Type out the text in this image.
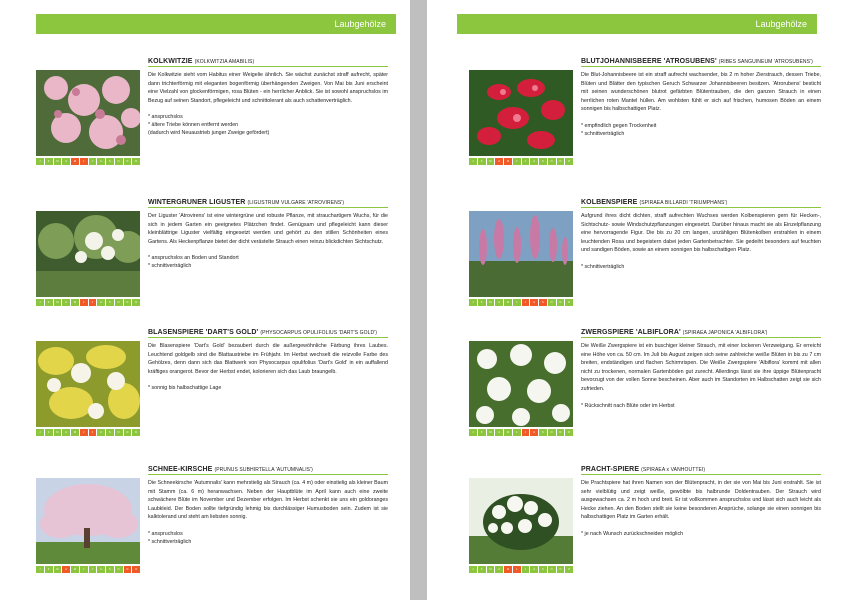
Laubgehölze
J	F	M	A	M	J	J	A	S	O	N	D
KOLKWITZIE (KOLKWITZIA AMABILIS)
Die Kolkwitzie sieht vom Habitus einer Weigelie ähnlich. Sie wächst zunächst straff aufrecht, später dann trichterförmig mit eleganten bogenförmig überhängenden Zweigen. Von Mai bis Juni erscheint eine Vielzahl von glockenförmigen, rosa Blüten - ein herrlicher Anblick. Sie ist sowohl anspruchslos im Bezug auf seinen Standort, pflegeleicht und schnittolerant als auch schattenverträglich.
* anspruchslos
* ältere Triebe können entfernt werden
(dadurch wird Neuaustrieb junger Zweige gefördert)
J	F	M	A	M	J	J	A	S	O	N	D
WINTERGRÜNER LIGUSTER (LIGUSTRUM VULGARE 'ATROVIRENS')
Der Liguster 'Atrovirens' ist eine wintergrüne und robuste Pflanze, mit strauchartigem Wuchs, für die sich in jedem Garten ein geeignetes Plätzchen findet. Genügsam und pflegeleicht kann dieser kleinblättrige Liguster vielfältig eingesetzt werden und gehört zu den stillen Schönheiten eines Gartens. Als Heckenpflanze bietet der dicht verästelte Strauch einen reinzu blickdichten Sichtschutz.
* anspruchslos an Boden und Standort
* schnittverträglich
J	F	M	A	M	J	J	A	S	O	N	D
BLASENSPIERE 'DART'S GOLD' (PHYSOCARPUS OPULIFOLIUS 'DART'S GOLD')
Die Blasenspiere 'Dart's Gold' bezaubert durch die außergewöhnliche Färbung ihres Laubes. Leuchtend goldgelb sind die Blattaustriebe im Frühjahr. Im Herbst wechselt die reizvolle Farbe des Gehölzes, denn dann sich das Blattwerk von Physocarpus opulifolius 'Dart's Gold' in ein auffallend kräftiges orangerot. Bevor der Herbst endet, kolorieren sich das Laub braungelb.
* sonnig bis halbschattige Lage
J	F	M	A	M	J	J	A	S	O	N	D
SCHNEE-KIRSCHE (PRUNUS SUBHIRTELLA 'AUTUMNALIS')
Die Schneekirsche 'Autumnalis' kann mehrstielig als Strauch (ca. 4 m) oder einstielig als kleiner Baum mit Stamm (ca. 6 m) heranwachsen. Neben der Hauptblüte im April kann auch eine zweite schwächere Blüte im November und Dezember erfolgen. Im Herbst schenkt sie uns ein goldoranges Laubkleid. Der Boden sollte tiefgründig lehmig bis durchlässiger Humusboden sein. Zudem ist sie kalktolerand und steht am liebsten sonnig.
* anspruchslos
* schnittverträglich
Laubgehölze
J	F	M	A	M	J	J	A	S	O	N	D
BLUTJOHANNISBEERE 'ATROSUBENS' (RIBES SANGUINEUM 'ATROSUBENS')
Die Blut-Johannisbeere ist ein straff aufrecht wachsender, bis 2 m hoher Zierstrauch, dessen Triebe, Blüten und Blätter den typischen Geruch Schwarzer Johannisbeeren besitzen. 'Atrorubens' besticht mit seinen wunderschönen blutrot gefärbten Blütentrauben, die den ganzen Strauch in einen herrlichen roten Mantel hüllen. Am wohlsten fühlt er sich auf frischen, humosen Böden an einem sonnigen bis halbschattigen Platz.
* empfindlich gegen Trockenheit
* schnittverträglich
J	F	M	A	M	J	J	A	S	O	N	D
KOLBENSPIERE (SPIRAEA BILLARDI 'TRIUMPHANS')
Aufgrund ihres dicht dichten, straff aufrechten Wuchses werden Kolbenspieren gern für Hecken-, Sichtschutz- sowie Windschutzpflanzungen eingesetzt. Darüber hinaus macht sie als Einzelpflanzung eine hervorragende Figur. Die bis zu 20 cm langen, unzähligen Blütenkolben erstrahlen in einem leuchtenden Rosa und begeistern dabei jeden Gartenbetrachter. Sie gedeiht besonders auf feuchten und sandigen Böden, sowie an einem sonnigen bis halbschattigen Platz.
* schnittverträglich
J	F	M	A	M	J	J	A	S	O	N	D
ZWERGSPIERE 'ALBIFLORA' (SPIRAEA JAPONICA 'ALBIFLORA')
Die Weiße Zwergspiere ist ein buschiger kleiner Strauch, mit einer lockeren Verzweigung. Er erreicht eine Höhe von ca. 50 cm. Im Juli bis August zeigen sich seine zahlreiche weiße Blüten in bis zu 7 cm breiten, endständigen und flachen Schirmrispen. Die Weiße Zwergspiere 'Albiflora' kommt mit allen nicht zu trockenen, normalen Gartenböden gut zurecht. Allerdings lässt sie ihre üppige Blütenpracht bevorzugt von der vollen Sonne bescheinen. Aber auch im Standorten im Halbschatten zeigt sie sich zufrieden.
* Rückschnitt nach Blüte oder im Herbst
J	F	M	A	M	J	J	A	S	O	N	D
PRACHT-SPIERE (SPIRAEA x VANHOUTTEI)
Die Prachtspiere hat ihren Namen von der Blütenpracht, in der sie von Mai bis Juni erstrahlt. Sie ist sehr vielblütig und zeigt weiße, gewölbte bis halbrunde Doldentrauben. Der Strauch wird ausgewachsen ca. 2 m hoch und breit. Er ist vollkommen anspruchslos und lässt sich auch leicht als Hecke ziehen. An den Boden stellt sie keine besonderen Ansprüche, solange sie einen sonnigen bis halbschattigen Platz im Garten erhält.
* je nach Wunsch zurückschneiden möglich
